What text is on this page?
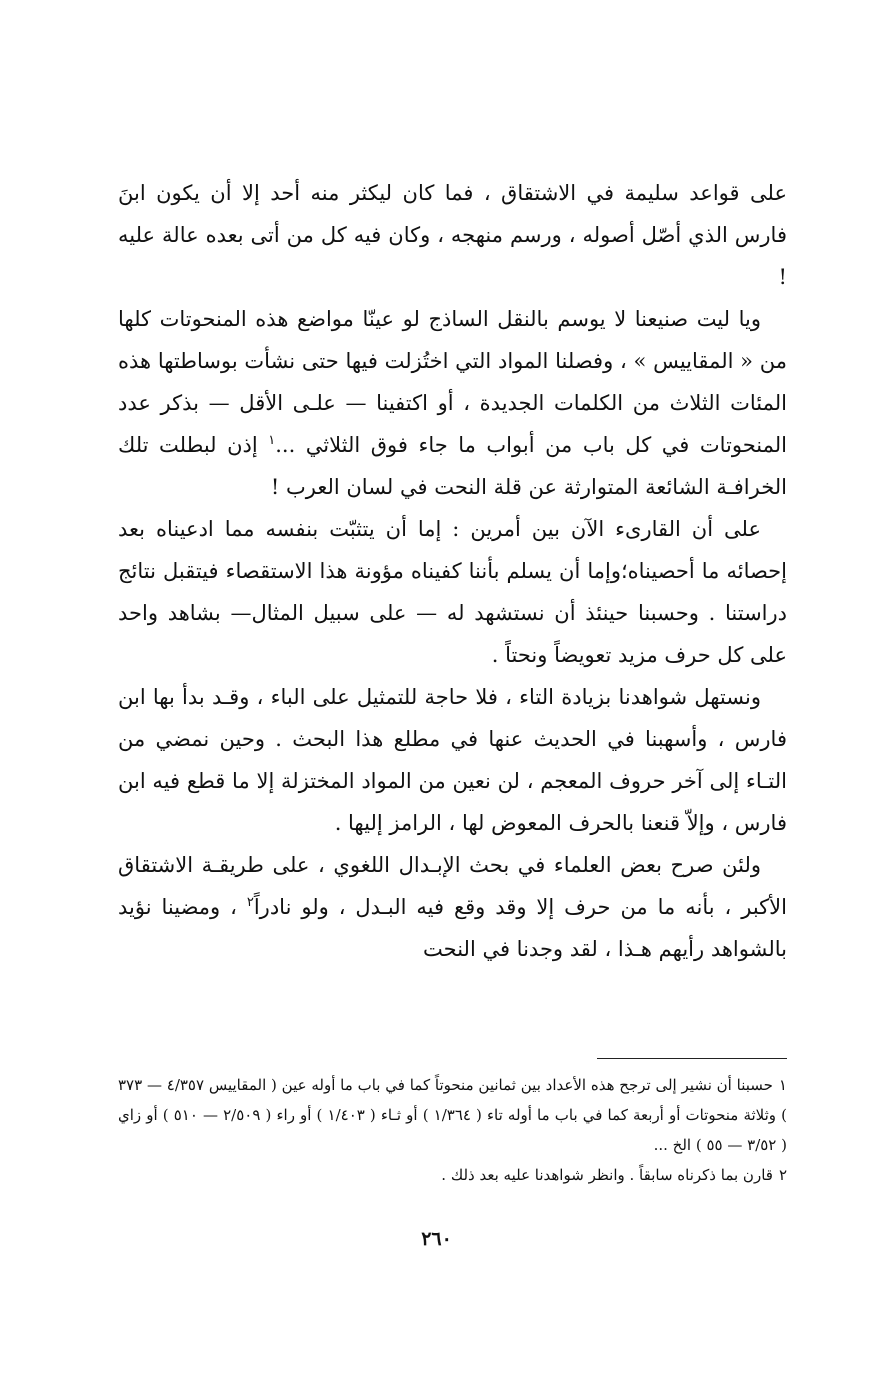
على قواعد سليمة في الاشتقاق ، فما كان ليكثر منه أحد إلا أن يكون ابنَ فارس الذي أصّل أصوله ، ورسم منهجه ، وكان فيه كل من أتى بعده عالة عليه !

ويا ليت صنيعنا لا يوسم بالنقل الساذج لو عينّا مواضع هذه المنحوتات كلها من « المقاييس » ، وفصلنا المواد التي اختُزلت فيها حتى نشأت بوساطتها هذه المئات الثلاث من الكلمات الجديدة ، أو اكتفينا — علـى الأقل — بذكر عدد المنحوتات في كل باب من أبواب ما جاء فوق الثلاثي ...$^١$ إذن لبطلت تلك الخرافـة الشائعة المتوارثة عن قلة النحت في لسان العرب !

على أن القارىء الآن بين أمرين : إما أن يتثبّت بنفسه مما ادعيناه بعد إحصائه ما أحصيناه؛وإما أن يسلم بأننا كفيناه مؤونة هذا الاستقصاء فيتقبل نتائج دراستنا . وحسبنا حينئذ أن نستشهد له — على سبيل المثال— بشاهد واحد على كل حرف مزيد تعويضاً ونحتاً .

ونستهل شواهدنا بزيادة التاء ، فلا حاجة للتمثيل على الباء ، وقـد بدأ بها ابن فارس ، وأسهبنا في الحديث عنها في مطلع هذا البحث . وحين نمضي من التـاء إلى آخر حروف المعجم ، لن نعين من المواد المختزلة إلا ما قطع فيه ابن فارس ، وإلاّ قنعنا بالحرف المعوض لها ، الرامز إليها .

ولئن صرح بعض العلماء في بحث الإبـدال اللغوي ، على طريقـة الاشتقاق الأكبر ، بأنه ما من حرف إلا وقد وقع فيه البـدل ، ولو نادراً$^٢$ ، ومضينا نؤيد بالشواهد رأيهم هـذا ، لقد وجدنا في النحت

١حسبنا أن نشير إلى ترجح هذه الأعداد بين ثمانين منحوتاً كما في باب ما أوله عين ( المقاييس ٤/٣٥٧ — ٣٧٣ ) وثلاثة منحوتات أو أربعة كما في باب ما أوله تاء ( ١/٣٦٤ ) أو ثـاء ( ١/٤٠٣ ) أو راء ( ٢/٥٠٩ — ٥١٠ ) أو زاي ( ٣/٥٢ — ٥٥ ) الخ ...

٢قارن بما ذكرناه سابقاً . وانظر شواهدنا عليه بعد ذلك .

٢٦٠
